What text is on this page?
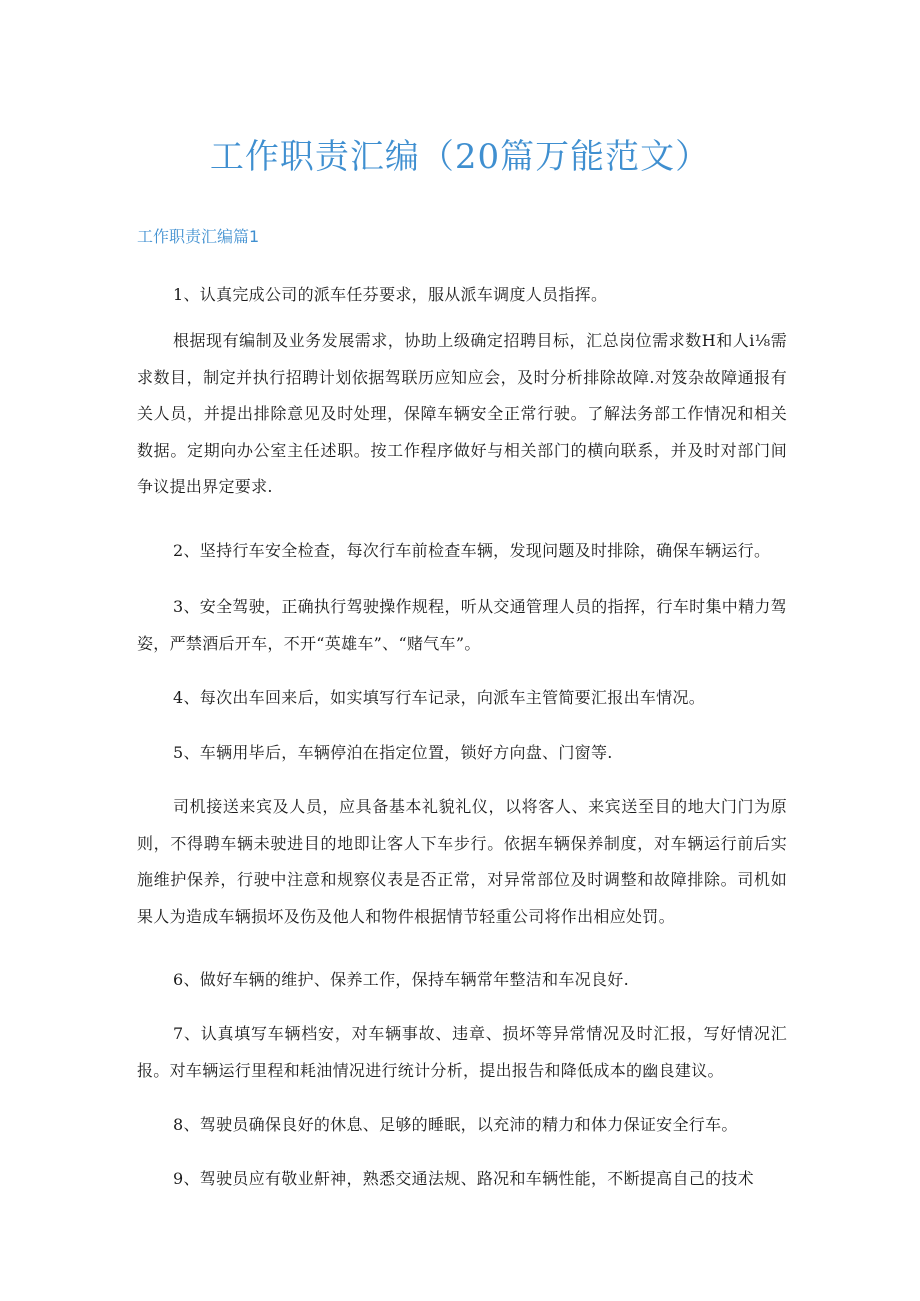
工作职责汇编（20篇万能范文）
工作职责汇编篇1

1、认真完成公司的派车任芬要求，服从派车调度人员指挥。

根据现有编制及业务发展需求，协助上级确定招聘目标，汇总岗位需求数H和人i⅛需求数目，制定并执行招聘计划依据驾联历应知应会，及时分析排除故障.对笈杂故障通报有关人员，并提出排除意见及时处理，保障车辆安全正常行驶。了解法务部工作情况和相关数据。定期向办公室主任述职。按工作程序做好与相关部门的横向联系，并及时对部门间争议提出界定要求.

2、坚持行车安全检查，每次行车前检查车辆，发现问题及时排除，确保车辆运行。

3、安全驾驶，正确执行驾驶操作规程，听从交通管理人员的指挥，行车时集中精力驾姿，严禁酒后开车，不开“英雄车”、“赌气车”。

4、每次出车回来后，如实填写行车记录，向派车主管简要汇报出车情况。

5、车辆用毕后，车辆停泊在指定位置，锁好方向盘、门窗等.

司机接送来宾及人员，应具备基本礼貌礼仪，以将客人、来宾送至目的地大门门为原则，不得聘车辆未驶进目的地即让客人下车步行。依据车辆保养制度，对车辆运行前后实施维护保养，行驶中注意和规察仪表是否正常，对异常部位及时调整和故障排除。司机如果人为造成车辆损坏及伤及他人和物件根据情节轻重公司将作出相应处罚。

6、做好车辆的维护、保养工作，保持车辆常年整洁和车况良好.

7、认真填写车辆档安，对车辆事故、违章、损坏等异常情况及时汇报，写好情况汇报。对车辆运行里程和耗油情况进行统计分析，提出报告和降低成本的幽良建议。

8、驾驶员确保良好的休息、足够的睡眠，以充沛的精力和体力保证安全行车。

9、驾驶员应有敬业鼾神，熟悉交通法规、路况和车辆性能，不断提高自己的技术
